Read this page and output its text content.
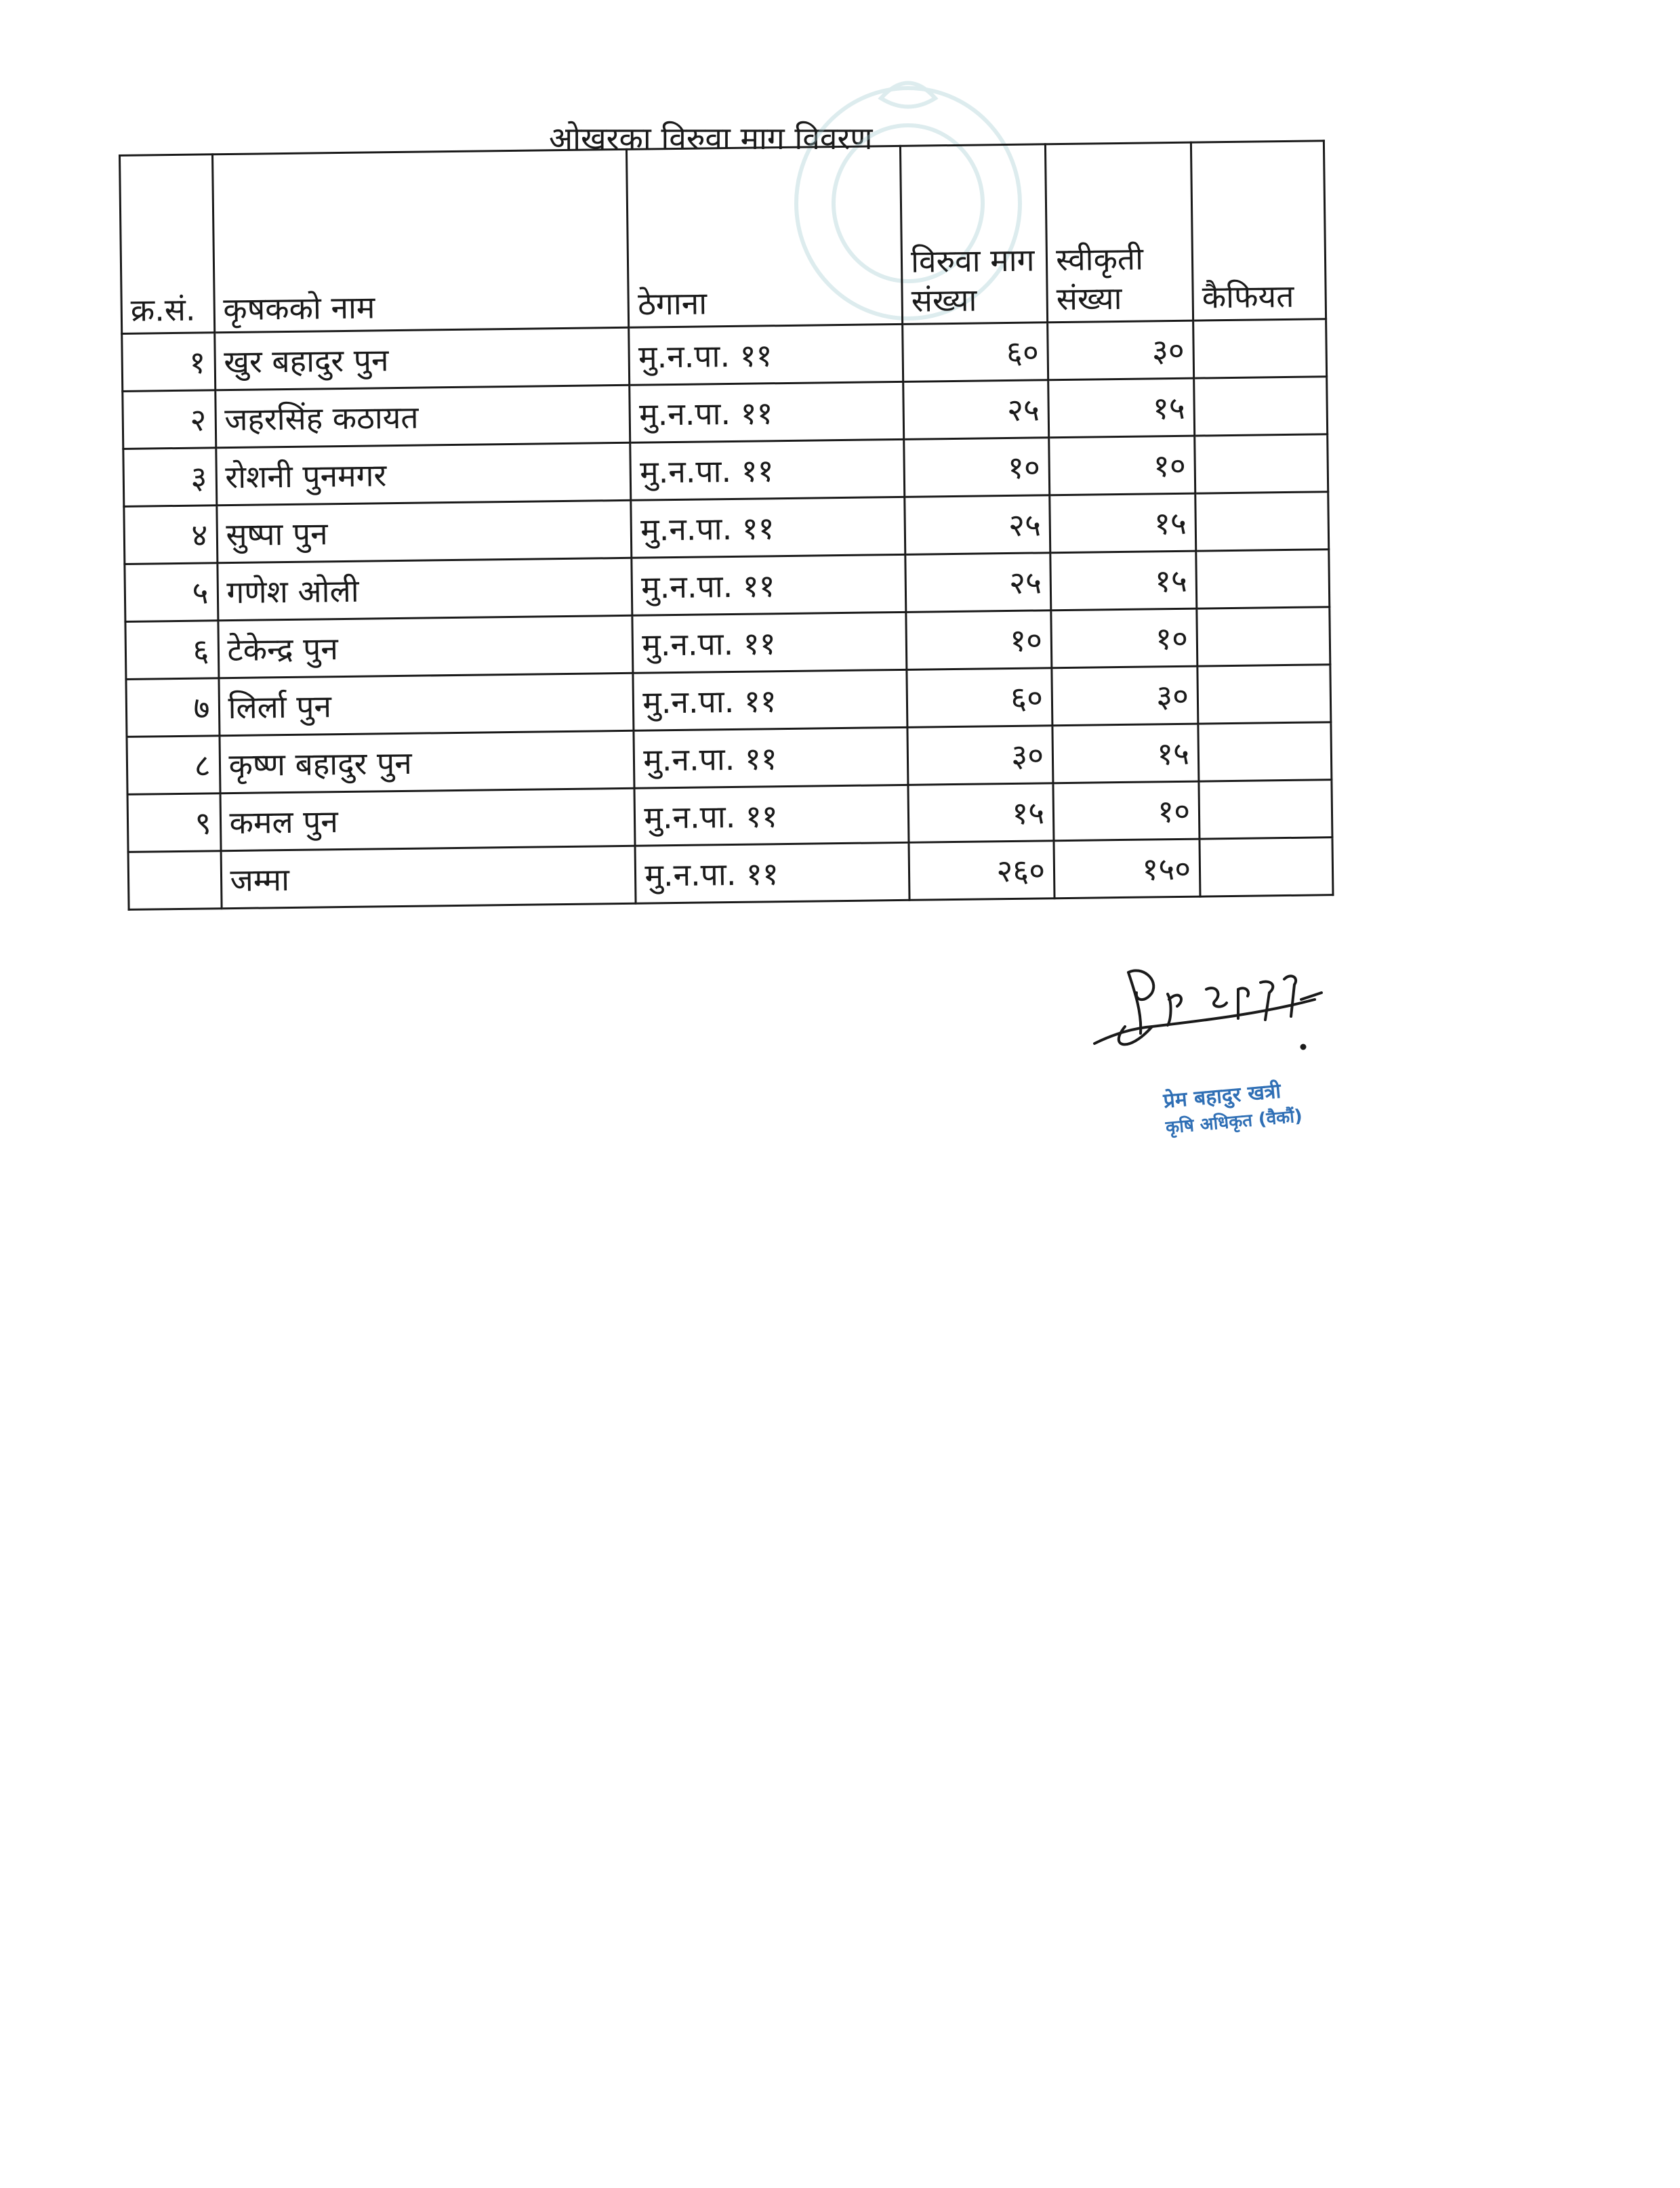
ओखरका विरुवा माग विवरण
क्र.सं.	कृषकको नाम	ठेगाना	विरुवा माग संख्या	स्वीकृती संख्या	कैफियत
१	खुर बहादुर पुन	मु.न.पा. ११	६०	३०	
२	जहरसिंह कठायत	मु.न.पा. ११	२५	१५	
३	रोशनी पुनमगर	मु.न.पा. ११	१०	१०	
४	सुष्पा पुन	मु.न.पा. ११	२५	१५	
५	गणेश ओली	मु.न.पा. ११	२५	१५	
६	टेकेन्द्र पुन	मु.न.पा. ११	१०	१०	
७	लिर्ला पुन	मु.न.पा. ११	६०	३०	
८	कृष्ण बहादुर पुन	मु.न.पा. ११	३०	१५	
९	कमल पुन	मु.न.पा. ११	१५	१०	
	जम्मा	मु.न.पा. ११	२६०	१५०	
प्रेम बहादुर खत्री
कृषि अधिकृत (वैकौं)
